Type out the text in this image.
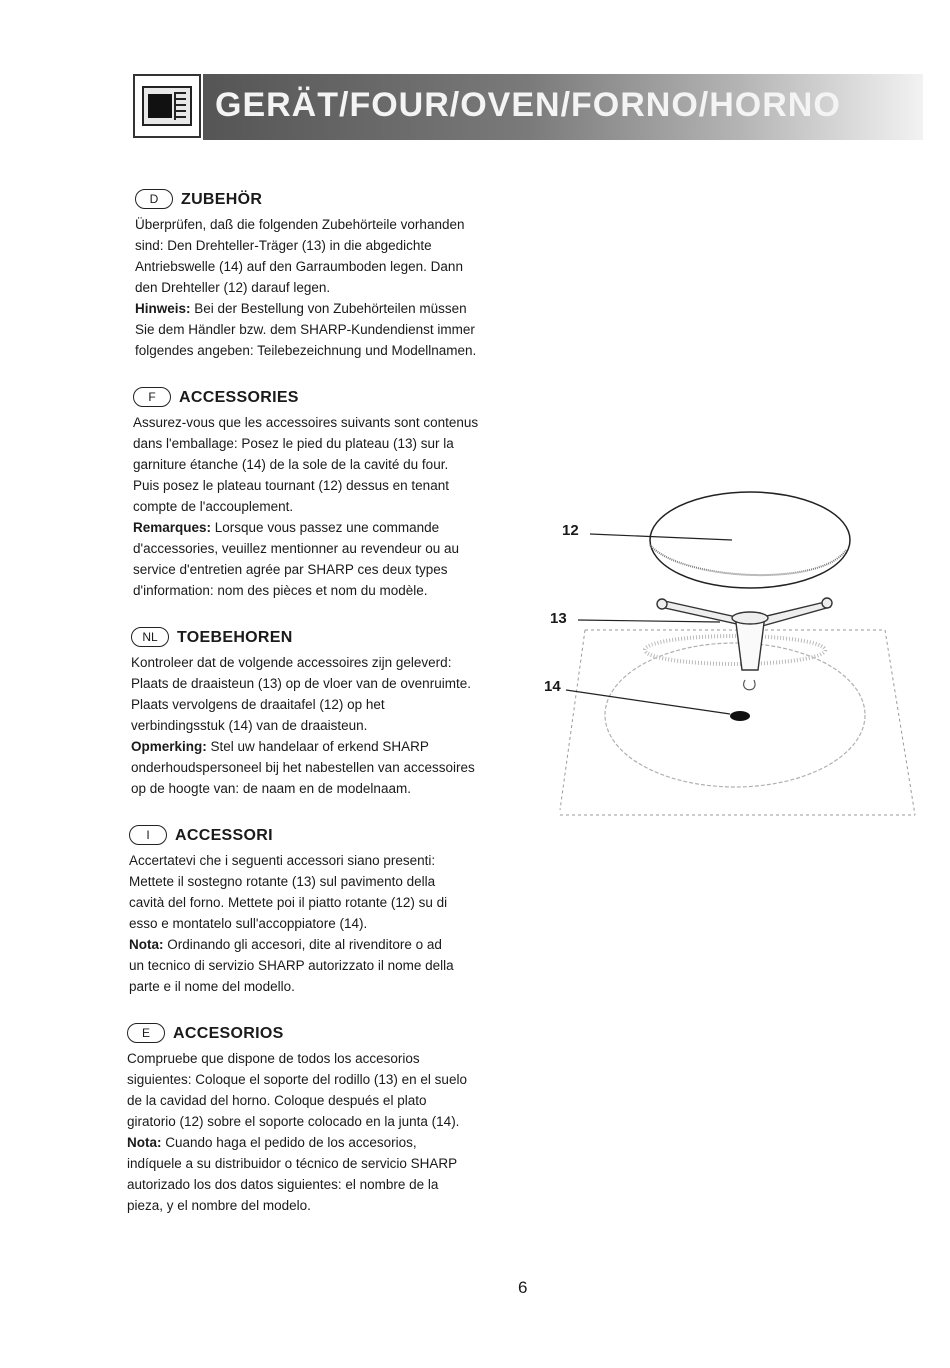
GERÄT/FOUR/OVEN/FORNO/HORNO
D	ZUBEHÖR

Überprüfen, daß die folgenden Zubehörteile vorhanden
sind: Den Drehteller-Träger (13) in die abgedichte
Antriebswelle (14) auf den Garraumboden legen. Dann
den Drehteller (12) darauf legen.

Hinweis: Bei der Bestellung von Zubehörteilen müssen
Sie dem Händler bzw. dem SHARP-Kundendienst immer
folgendes angeben: Teilebezeichnung und Modellnamen.

F	ACCESSORIES

Assurez-vous que les accessoires suivants sont contenus
dans l'emballage: Posez le pied du plateau (13) sur la
garniture étanche (14) de la sole de la cavité du four.
Puis posez le plateau tournant (12) dessus en tenant
compte de l'accouplement.

Remarques: Lorsque vous passez une commande
d'accessories, veuillez mentionner au revendeur ou au
service d'entretien agrée par SHARP ces deux types
d'information: nom des pièces et nom du modèle.

NL	TOEBEHOREN

Kontroleer dat de volgende accessoires zijn geleverd:
Plaats de draaisteun (13) op de vloer van de ovenruimte.
Plaats vervolgens de draaitafel (12) op het
verbindingsstuk (14) van de draaisteun.

Opmerking: Stel uw handelaar of erkend SHARP
onderhoudspersoneel bij het nabestellen van accessoires
op de hoogte van: de naam en de modelnaam.

I	ACCESSORI

Accertatevi che i seguenti accessori siano presenti:
Mettete il sostegno rotante (13) sul pavimento della
cavità del forno. Mettete poi il piatto rotante (12) su di
esso e montatelo sull'accoppiatore (14).

Nota: Ordinando gli accesori, dite al rivenditore o ad
un tecnico di servizio SHARP autorizzato il nome della
parte e il nome del modello.

E	ACCESORIOS

Compruebe que dispone de todos los accesorios
siguientes: Coloque el soporte del rodillo (13) en el suelo
de la cavidad del horno. Coloque después el plato
giratorio (12) sobre el soporte colocado en la junta (14).

Nota: Cuando haga el pedido de los accesorios,
indíquele a su distribuidor o técnico de servicio SHARP
autorizado los dos datos siguientes: el nombre de la
pieza, y el nombre del modelo.

12
13
14
6
